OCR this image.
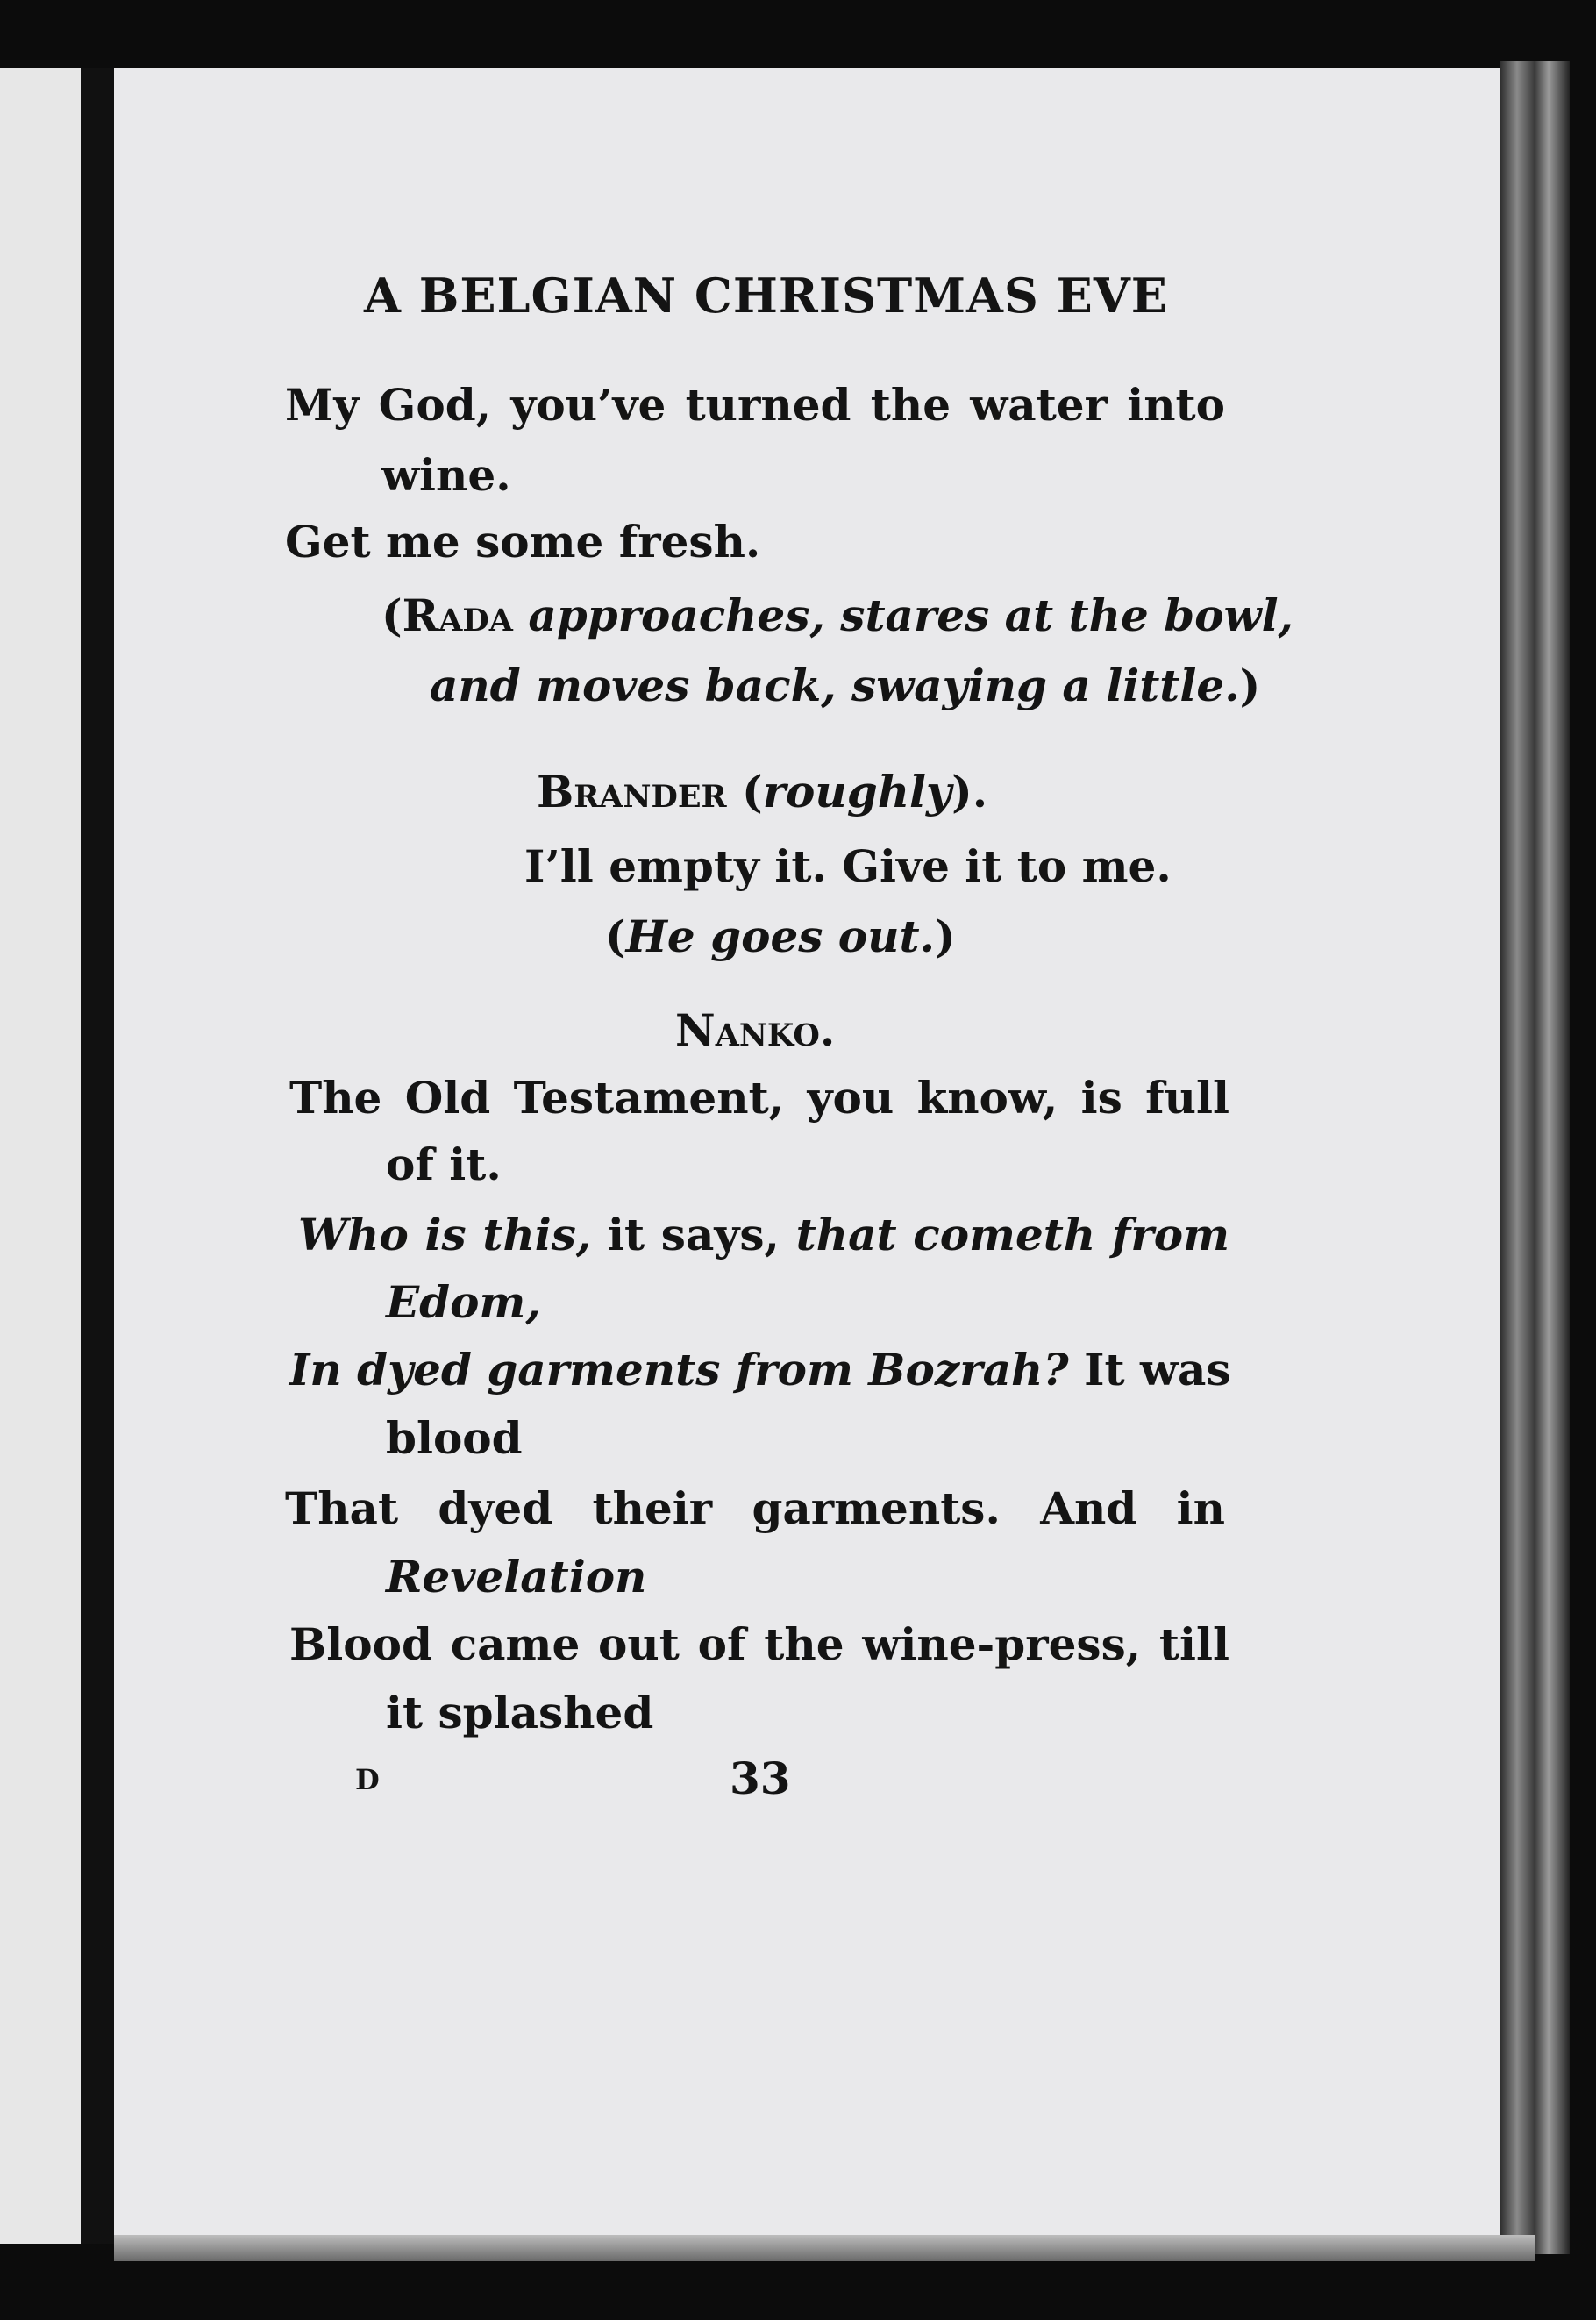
A BELGIAN CHRISTMAS EVE
My God, you’ve turned the water into
wine.
Get me some fresh.
(Rada approaches, stares at the bowl,
and moves back, swaying a little.)
Brander (roughly).
I’ll empty it. Give it to me.
(He goes out.)
Nanko.
The Old Testament, you know, is full
of it.
Who is this, it says, that cometh from
Edom,
In dyed garments from Bozrah? It was
blood
That dyed their garments. And in
Revelation
Blood came out of the wine-press, till
it splashed
D	33
